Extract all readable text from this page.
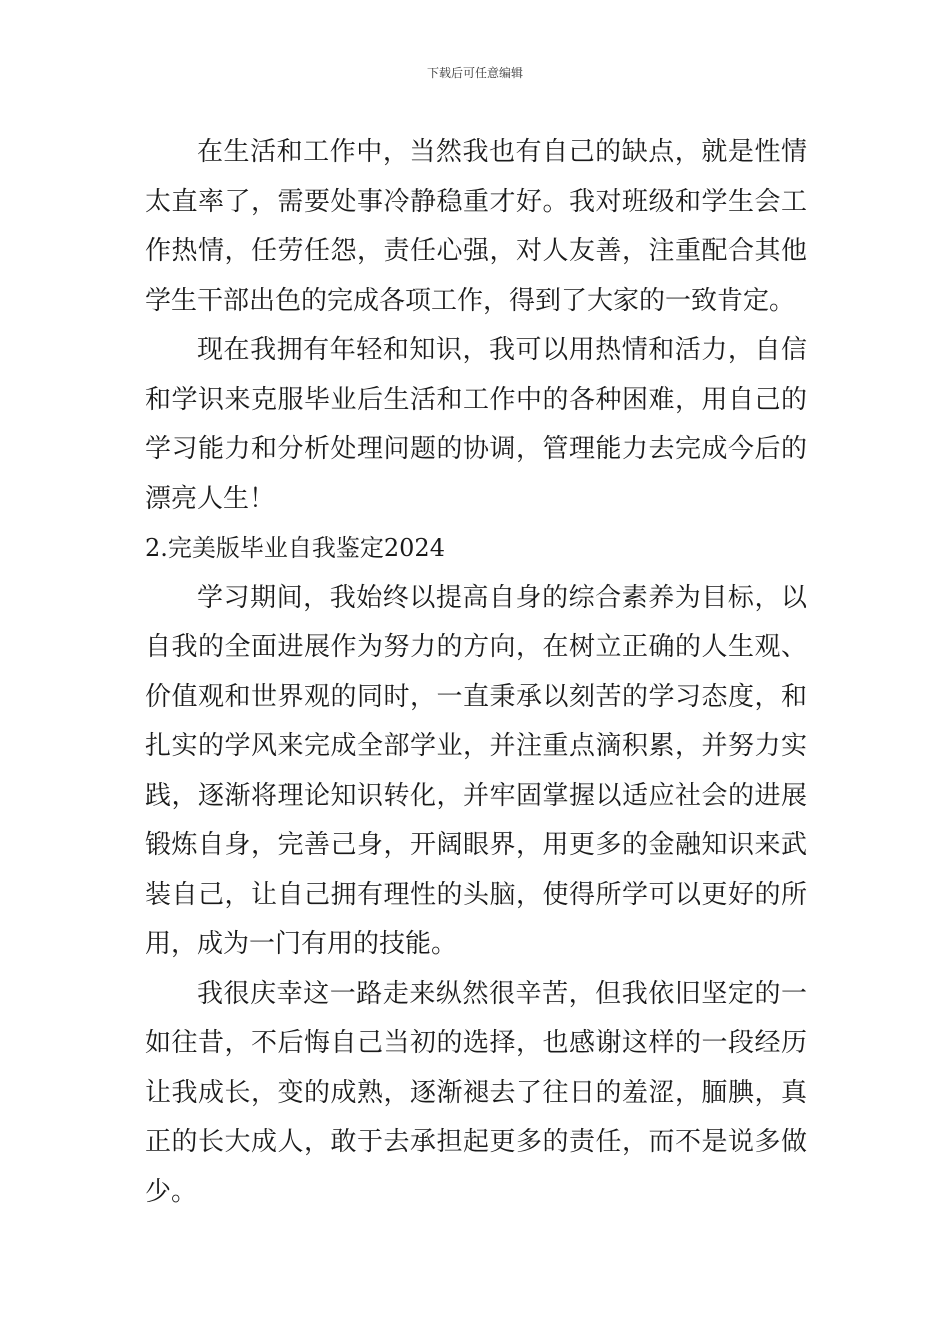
下载后可任意编辑

在生活和工作中，当然我也有自己的缺点，就是性情太直率了，需要处事冷静稳重才好。我对班级和学生会工作热情，任劳任怨，责任心强，对人友善，注重配合其他学生干部出色的完成各项工作，得到了大家的一致肯定。

现在我拥有年轻和知识，我可以用热情和活力，自信和学识来克服毕业后生活和工作中的各种困难，用自己的学习能力和分析处理问题的协调，管理能力去完成今后的漂亮人生！

2.完美版毕业自我鉴定2024

学习期间，我始终以提高自身的综合素养为目标，以自我的全面进展作为努力的方向，在树立正确的人生观、价值观和世界观的同时，一直秉承以刻苦的学习态度，和扎实的学风来完成全部学业，并注重点滴积累，并努力实践，逐渐将理论知识转化，并牢固掌握以适应社会的进展锻炼自身，完善己身，开阔眼界，用更多的金融知识来武装自己，让自己拥有理性的头脑，使得所学可以更好的所用，成为一门有用的技能。

我很庆幸这一路走来纵然很辛苦，但我依旧坚定的一如往昔，不后悔自己当初的选择，也感谢这样的一段经历让我成长，变的成熟，逐渐褪去了往日的羞涩，腼腆，真正的长大成人，敢于去承担起更多的责任，而不是说多做少。
